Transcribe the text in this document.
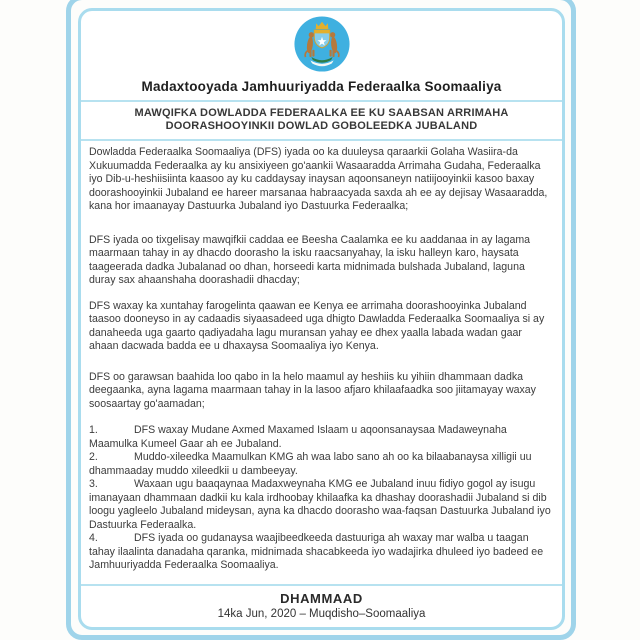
Madaxtooyada Jamhuuriyadda Federaalka Soomaaliya
MAWQIFKA DOWLADDA FEDERAALKA EE KU SAABSAN ARRIMAHA
DOORASHOOYINKII DOWLAD GOBOLEEDKA JUBALAND

Dowladda Federaalka Soomaaliya (DFS) iyada oo ka duuleysa qaraarkii Golaha Wasiira-da Xukuumadda Federaalka ay ku ansixiyeen go'aankii Wasaaradda Arrimaha Gudaha, Federaalka iyo Dib-u-heshiisiinta kaasoo ay ku caddaysay inaysan aqoonsaneyn natiijooyinkii kasoo baxay doorashooyinkii Jubaland ee hareer marsanaa habraacyada saxda ah ee ay dejisay Wasaaradda, kana hor imaanayay Dastuurka Jubaland iyo Dastuurka Federaalka;

DFS iyada oo tixgelisay mawqifkii caddaa ee Beesha Caalamka ee ku aaddanaa in ay lagama maarmaan tahay in ay dhacdo doorasho la isku raacsanyahay, la isku halleyn karo, haysata taageerada dadka Jubalanad oo dhan, horseedi karta midnimada bulshada Jubaland, laguna duray sax ahaanshaha doorashadii dhacday;

DFS waxay ka xuntahay farogelinta qaawan ee Kenya ee arrimaha doorashooyinka Jubaland taasoo dooneyso in ay cadaadis siyaasadeed uga dhigto Dawladda Federaalka Soomaaliya si ay danaheeda uga gaarto qadiyadaha lagu muransan yahay ee dhex yaalla labada wadan gaar ahaan dacwada badda ee u dhaxaysa Soomaaliya iyo Kenya.

DFS oo garawsan baahida loo qabo in la helo maamul ay heshiis ku yihiin dhammaan dadka deegaanka, ayna lagama maarmaan tahay in la lasoo afjaro khilaafaadka soo jiitamayay waxay soosaartay go'aamadan;

1.	DFS waxay Mudane Axmed Maxamed Islaam u aqoonsanaysaa Madaweynaha Maamulka Kumeel Gaar ah ee Jubaland.
2.	Muddo-xileedka Maamulkan KMG ah waa labo sano ah oo ka bilaabanaysa xilligii uu dhammaaday muddo xileedkii u dambeeyay.
3.	Waxaan ugu baaqaynaa Madaxweynaha KMG ee Jubaland inuu fidiyo gogol ay isugu imanayaan dhammaan dadkii ku kala irdhoobay khilaafka ka dhashay doorashadii Jubaland si dib loogu yagleelo Jubaland mideysan, ayna ka dhacdo doorasho waa-faqsan Dastuurka Jubaland iyo Dastuurka Federaalka.
4.	DFS iyada oo gudanaysa waajibeedkeeda dastuuriga ah waxay mar walba u taagan tahay ilaalinta danadaha qaranka, midnimada shacabkeeda iyo wadajirka dhuleed iyo badeed ee Jamhuuriyadda Federaalka Soomaaliya.
DHAMMAAD
14ka Jun, 2020 – Muqdisho–Soomaaliya
